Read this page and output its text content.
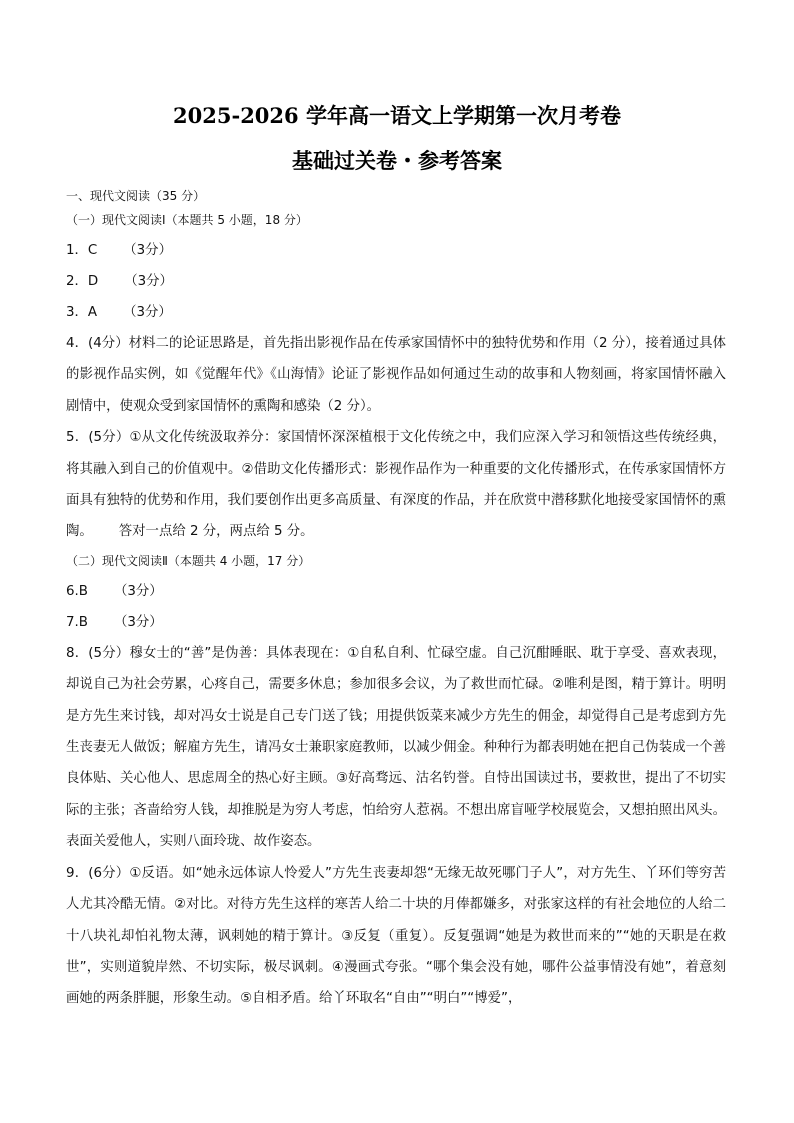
2025-2026 学年高一语文上学期第一次月考卷
基础过关卷・参考答案

一、现代文阅读（35 分）

（一）现代文阅读Ⅰ（本题共 5 小题，18 分）

1．C （3分）

2．D （3分）

3．A （3分）

4．(4分）材料二的论证思路是，首先指出影视作品在传承家国情怀中的独特优势和作用（2 分），接着通过具体的影视作品实例，如《觉醒年代》《山海情》论证了影视作品如何通过生动的故事和人物刻画，将家国情怀融入剧情中，使观众受到家国情怀的熏陶和感染（2 分）。

5．(5分）①从文化传统汲取养分：家国情怀深深植根于文化传统之中，我们应深入学习和领悟这些传统经典，将其融入到自己的价值观中。②借助文化传播形式：影视作品作为一种重要的文化传播形式，在传承家国情怀方面具有独特的优势和作用，我们要创作出更多高质量、有深度的作品，并在欣赏中潜移默化地接受家国情怀的熏陶。 答对一点给 2 分，两点给 5 分。

（二）现代文阅读Ⅱ（本题共 4 小题，17 分）

6.B （3分）

7.B （3分）

8．(5分）穆女士的“善”是伪善：具体表现在：①自私自利、忙碌空虚。自己沉酣睡眠、耽于享受、喜欢表现，却说自己为社会劳累，心疼自己，需要多休息；参加很多会议，为了救世而忙碌。②唯利是图，精于算计。明明是方先生来讨钱，却对冯女士说是自己专门送了钱；用提供饭菜来减少方先生的佣金，却觉得自己是考虑到方先生丧妻无人做饭；解雇方先生，请冯女士兼职家庭教师，以减少佣金。种种行为都表明她在把自己伪装成一个善良体贴、关心他人、思虑周全的热心好主顾。③好高骛远、沽名钓誉。自恃出国读过书，要救世，提出了不切实际的主张；吝啬给穷人钱，却推脱是为穷人考虑，怕给穷人惹祸。不想出席盲哑学校展览会，又想拍照出风头。表面关爱他人，实则八面玲珑、故作姿态。

9．(6分）①反语。如“她永远体谅人怜爱人”方先生丧妻却怨“无缘无故死哪门子人”，对方先生、丫环们等穷苦人尤其冷酷无情。②对比。对待方先生这样的寒苦人给二十块的月俸都嫌多，对张家这样的有社会地位的人给二十八块礼却怕礼物太薄，讽刺她的精于算计。③反复（重复）。反复强调“她是为救世而来的”“她的天职是在救世”，实则道貌岸然、不切实际，极尽讽刺。④漫画式夸张。“哪个集会没有她，哪件公益事情没有她”，着意刻画她的两条胖腿，形象生动。⑤自相矛盾。给丫环取名“自由”“明白”“博爱”，
